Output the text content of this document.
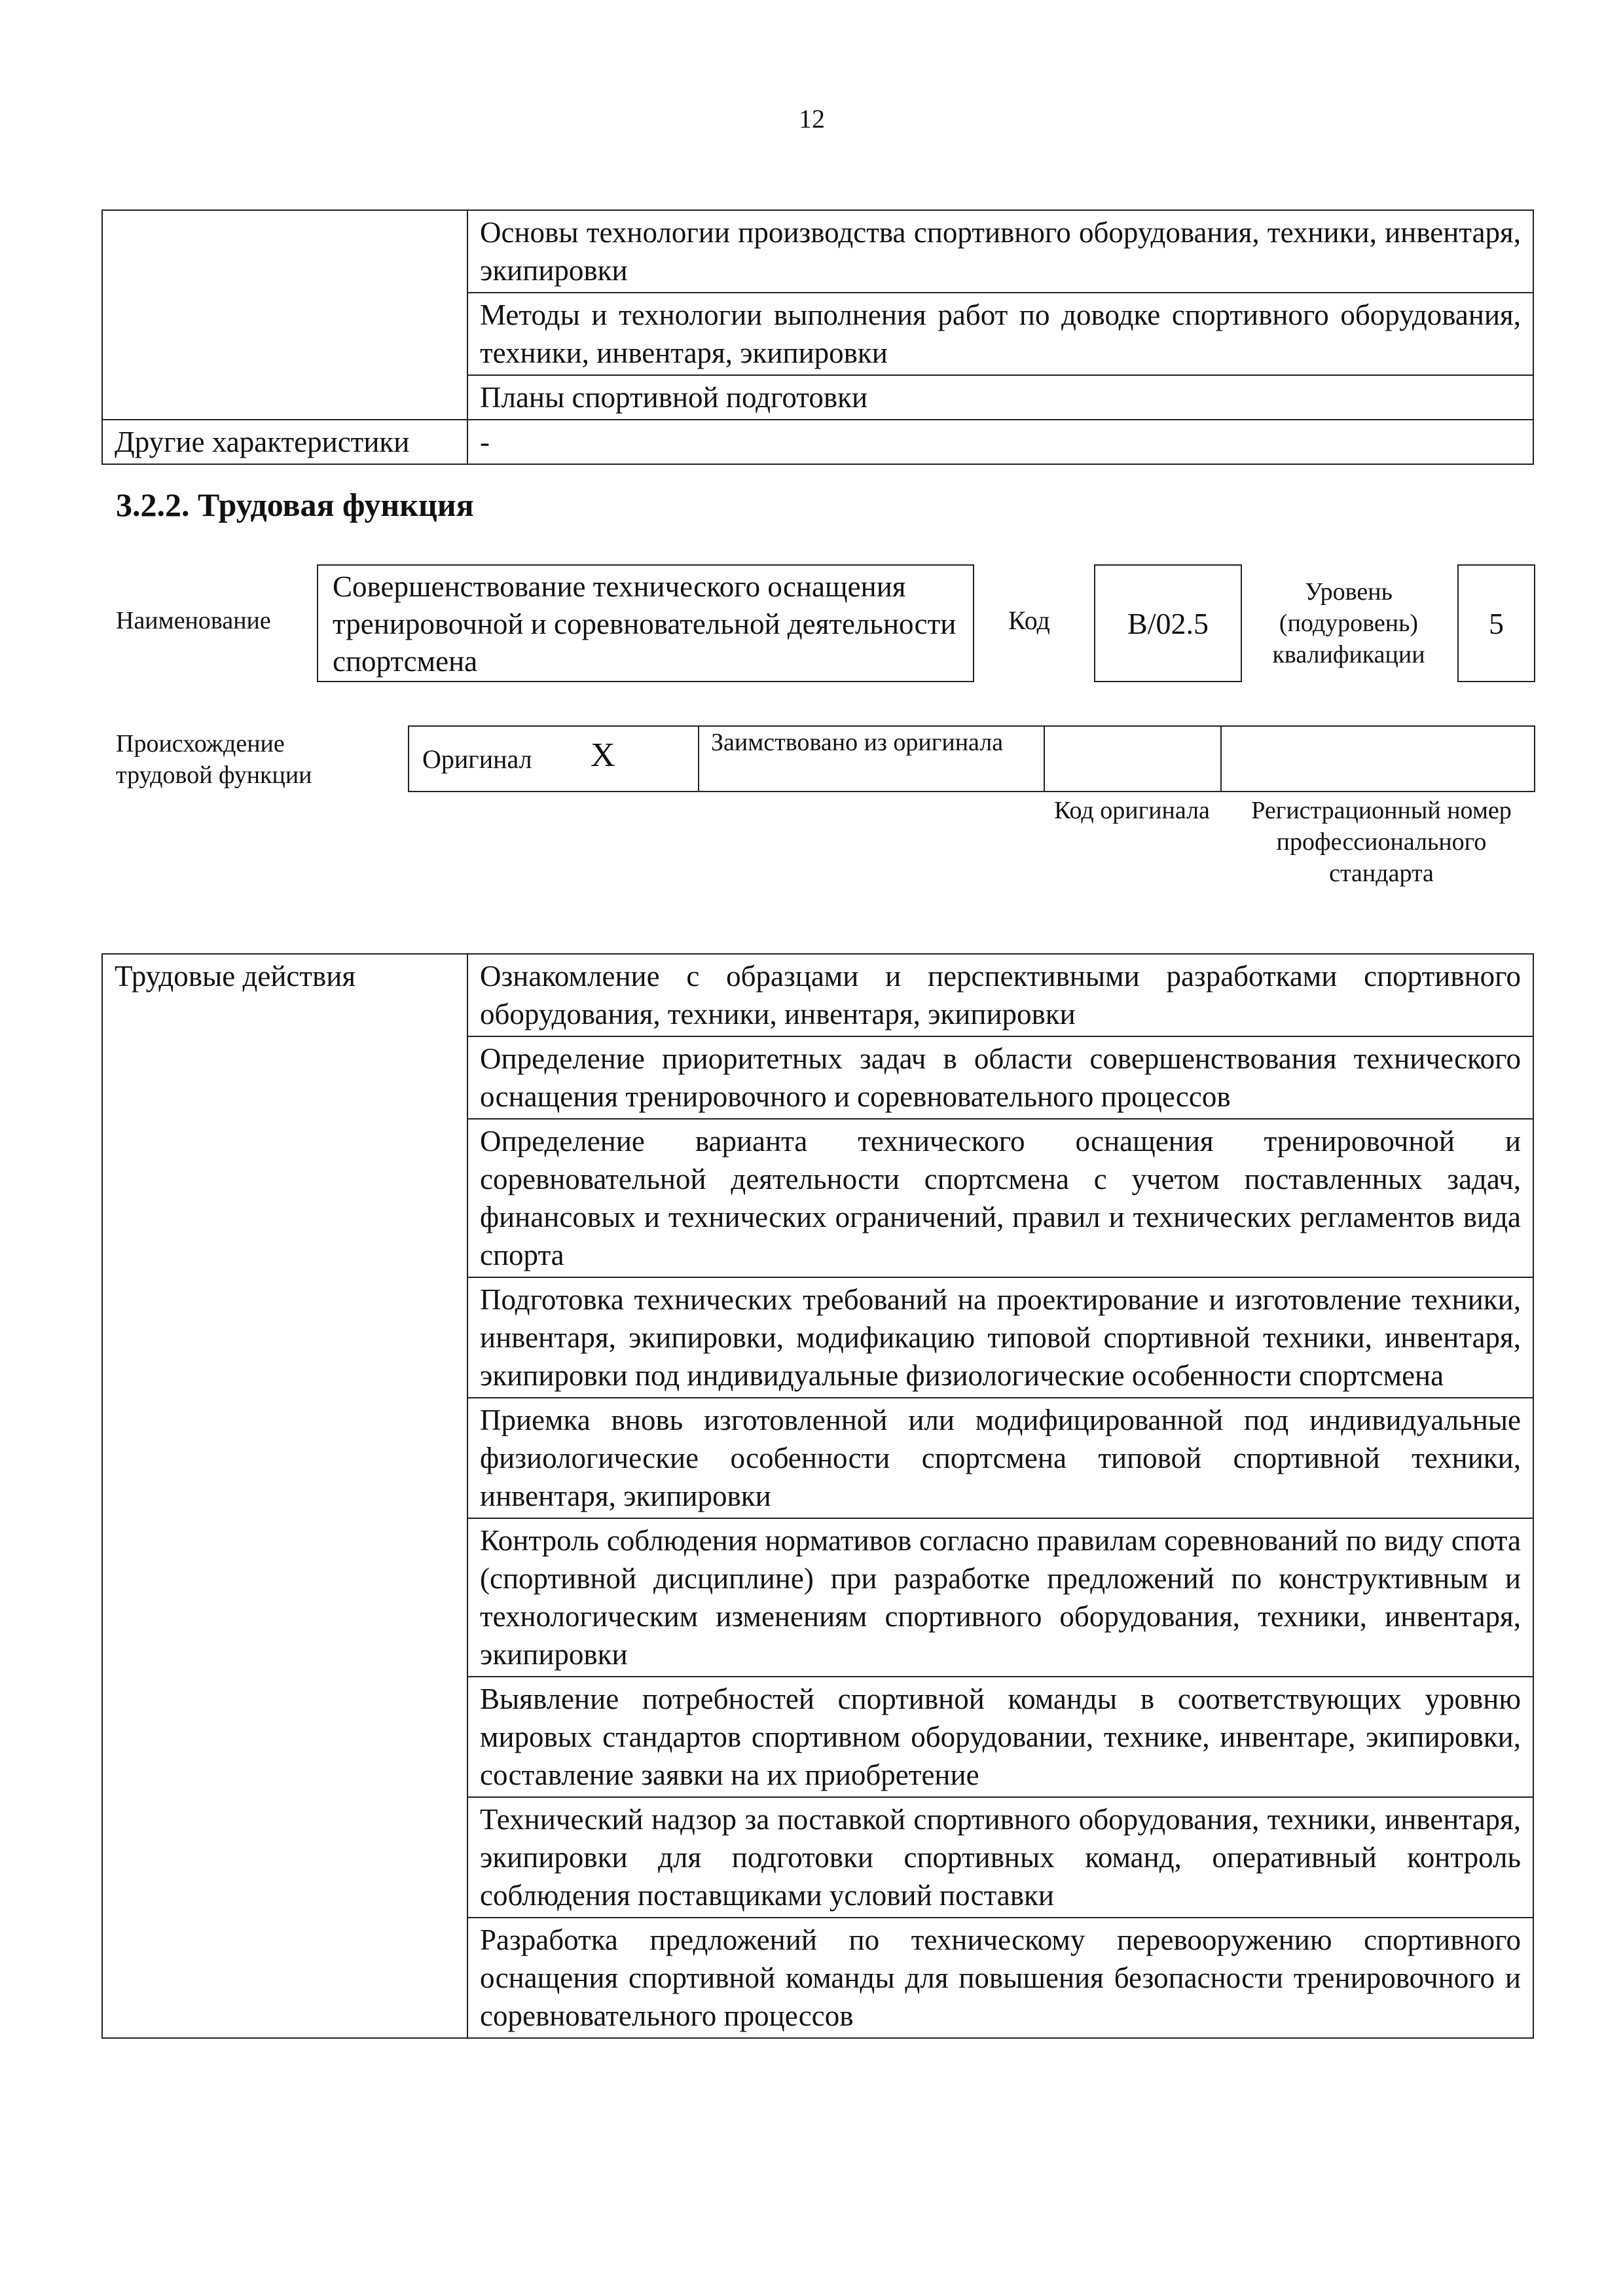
12
	Основы технологии производства спортивного оборудования, техники, инвентаря, экипировки
	Методы и технологии выполнения работ по доводке спортивного оборудования, техники, инвентаря, экипировки
	Планы спортивной подготовки
Другие характеристики	-
3.2.2. Трудовая функция
Наименование
Совершенствование технического оснащения тренировочной и соревновательной деятельности спортсмена
Код	B/02.5
Уровень (подуровень) квалификации
5
Происхождение трудовой функции
Оригинал X	Заимствовано из оригинала
Код оригинала	Регистрационный номер профессионального стандарта
Трудовые действия	Ознакомление с образцами и перспективными разработками спортивного оборудования, техники, инвентаря, экипировки
Определение приоритетных задач в области совершенствования технического оснащения тренировочного и соревновательного процессов
Определение варианта технического оснащения тренировочной и соревновательной деятельности спортсмена с учетом поставленных задач, финансовых и технических ограничений, правил и технических регламентов вида спорта
Подготовка технических требований на проектирование и изготовление техники, инвентаря, экипировки, модификацию типовой спортивной техники, инвентаря, экипировки под индивидуальные физиологические особенности спортсмена
Приемка вновь изготовленной или модифицированной под индивидуальные физиологические особенности спортсмена типовой спортивной техники, инвентаря, экипировки
Контроль соблюдения нормативов согласно правилам соревнований по виду спота (спортивной дисциплине) при разработке предложений по конструктивным и технологическим изменениям спортивного оборудования, техники, инвентаря, экипировки
Выявление потребностей спортивной команды в соответствующих уровню мировых стандартов спортивном оборудовании, технике, инвентаре, экипировки, составление заявки на их приобретение
Технический надзор за поставкой спортивного оборудования, техники, инвентаря, экипировки для подготовки спортивных команд, оперативный контроль соблюдения поставщиками условий поставки
Разработка предложений по техническому перевооружению спортивного оснащения спортивной команды для повышения безопасности тренировочного и соревновательного процессов
